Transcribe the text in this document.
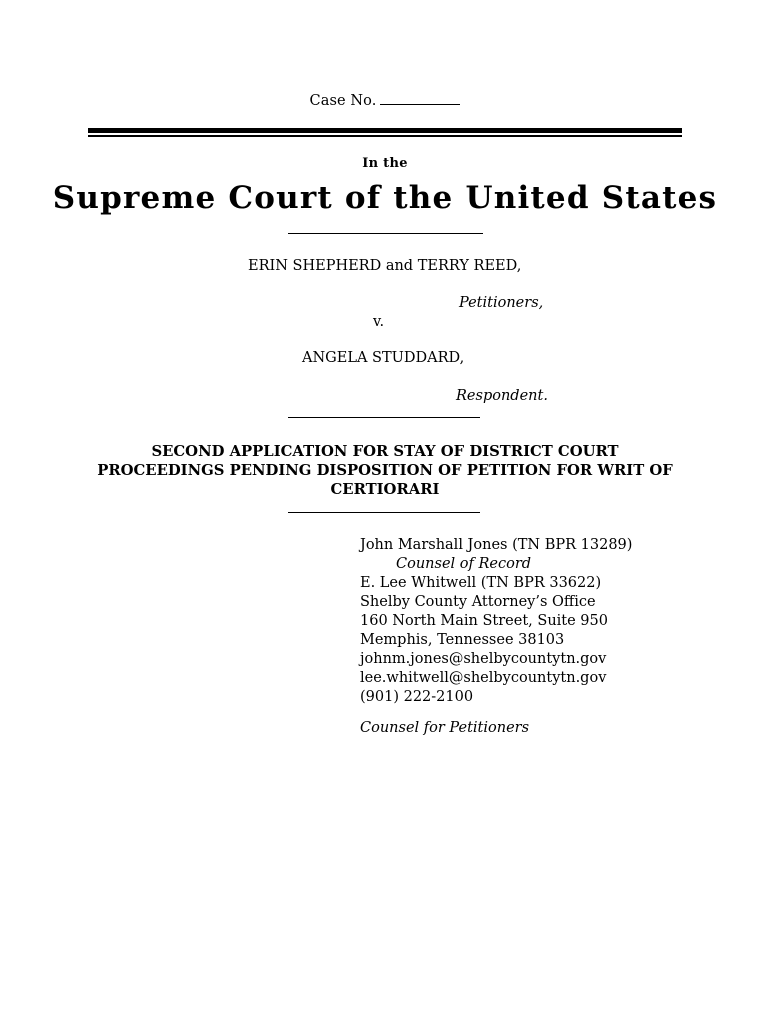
Case No.
In the
Supreme Court of the United States
ERIN SHEPHERD and TERRY REED,
Petitioners,
v.
ANGELA STUDDARD,
Respondent.
SECOND APPLICATION FOR STAY OF DISTRICT COURT
PROCEEDINGS PENDING DISPOSITION OF PETITION FOR WRIT OF
CERTIORARI
John Marshall Jones (TN BPR 13289)
Counsel of Record
E. Lee Whitwell (TN BPR 33622)
Shelby County Attorney’s Office
160 North Main Street, Suite 950
Memphis, Tennessee 38103
johnm.jones@shelbycountytn.gov
lee.whitwell@shelbycountytn.gov
(901) 222-2100
Counsel for Petitioners
